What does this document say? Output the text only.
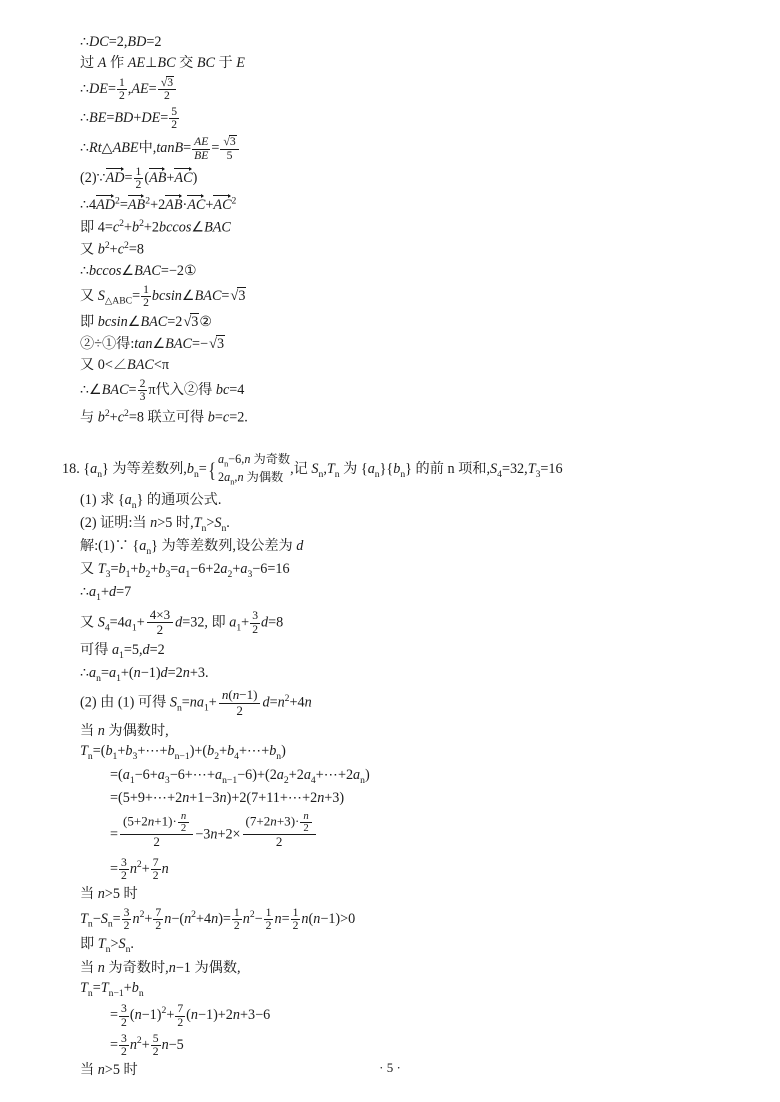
∴DC=2,BD=2
过 A 作 AE⊥BC 交 BC 于 E
∴DE= $\frac{1}{2} ,AE= \frac{√3}{2}$
∴BE=BD+DE= $\frac{5}{2}$
∴Rt△ABE中$,\tan B= \frac{AE}{BE} = \frac{√3}{5}$
(2)∵AD= $\frac{1}{2} (AB+AC)$
$\therefore 4AD^2=AB^2+2AB\cdot AC+AC^2$
即 $4=c^2+b^2+2bccos\angle BAC$
又 $b^2+c^2=8$
∴bccos∠BAC=−2①
又 $S_{\triangle ABC}= \frac{1}{2}$ bcsin∠BAC=√3
即 bcsin∠BAC=2√3②
②÷①得:tan∠BAC=−√3
又 0<∠BAC<π
∴∠BAC= $\frac{2}{3}$ π代入②得 bc=4
与 $b^2+c^2=8$ 联立可得 b=c=2.
18. $\{a_n\}$ 为等差数列$,b_n=$ { $a_n-6,n$ 为奇数
$2a_n,n$ 为偶数 ,记 $S_n,T_n$ 为 $\{a_n\}\{b_n\}$ 的前 n 项和$,S_4=32,T_3=16$
(1) 求 $\{a_n\}$ 的通项公式.
(2) 证明:当 n>5 时$,T_n>S_n$.
解:(1)∵ $\{a_n\}$ 为等差数列,设公差为 d
又 $T_3=b_1+b_2+b_3=a_1-6+2a_2+a_3-6=16$
$\therefore a_1+d=7$
又 $S_4=4a_1+ \frac{4\times 3}{2} d=32$, 即 $a_1+ \frac{3}{2} d=8$
可得 $a_1=5,d=2$
$\therefore a_n=a_1+(n-1)d=2n+3$.
(2) 由 (1) 可得 $S_n=na_1+ \frac{n(n-1)}{2} d=n^2+4n$
当 n 为偶数时,
$T_n=(b_1+b_3+\cdots+b_{n-1})+(b_2+b_4+\cdots+b_n)$
$=(a_1-6+a_3-6+\cdots+a_{n-1}-6)+(2a_2+2a_4+\cdots+2a_n)$
=(5+9+⋯+2n+1−3n)+2(7+11+⋯+2n+3)
= $\frac{(5+2n+1)\cdot \frac{n}{2}}{2} -3n+2\times \frac{(7+2n+3)\cdot \frac{n}{2}}{2}$
= $\frac{3}{2} n^2+ \frac{7}{2}$ n
当 n>5 时
$T_n-S_n= \frac{3}{2} n^2+ \frac{7}{2} n-(n^2+4n)= \frac{1}{2} n^2- \frac{1}{2} n= \frac{1}{2} n(n-1)>0$
即 $T_n>S_n$.
当 n 为奇数时,n−1 为偶数,
$T_n=T_{n-1}+b_n$
= $\frac{3}{2} (n-1)^2+ \frac{7}{2} (n-1)+2n+3-6$
= $\frac{3}{2} n^2+ \frac{5}{2} n-5$
当 n>5 时	· 5 ·
